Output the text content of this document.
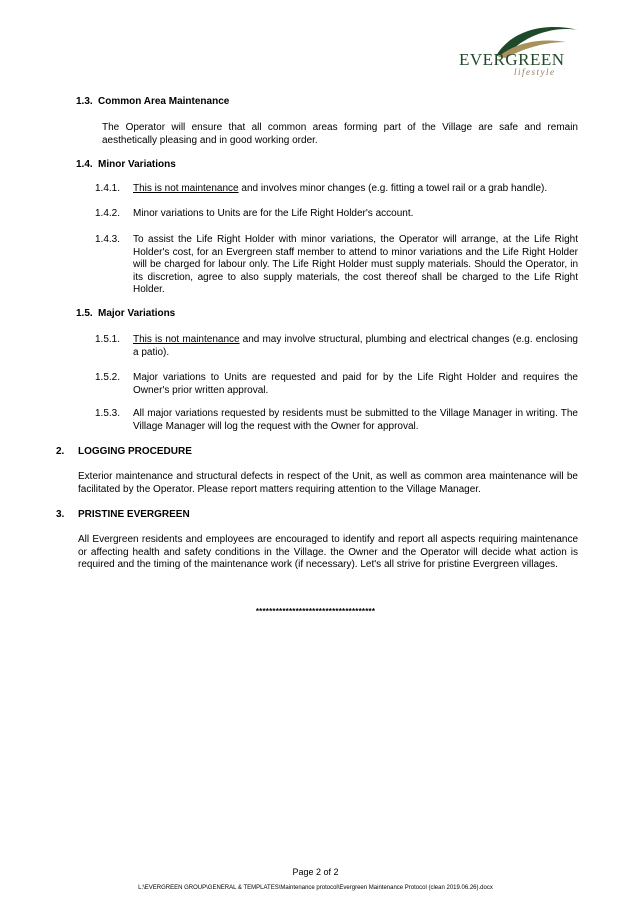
EVERGREEN
lifestyle
1.3. Common Area Maintenance
The Operator will ensure that all common areas forming part of the Village are safe and remain aesthetically pleasing and in good working order.
1.4. Minor Variations
1.4.1. This is not maintenance and involves minor changes (e.g. fitting a towel rail or a grab handle).
1.4.2. Minor variations to Units are for the Life Right Holder's account.
1.4.3. To assist the Life Right Holder with minor variations, the Operator will arrange, at the Life Right Holder's cost, for an Evergreen staff member to attend to minor variations and the Life Right Holder will be charged for labour only. The Life Right Holder must supply materials. Should the Operator, in its discretion, agree to also supply materials, the cost thereof shall be charged to the Life Right Holder.
1.5. Major Variations
1.5.1. This is not maintenance and may involve structural, plumbing and electrical changes (e.g. enclosing a patio).
1.5.2. Major variations to Units are requested and paid for by the Life Right Holder and requires the Owner's prior written approval.
1.5.3. All major variations requested by residents must be submitted to the Village Manager in writing. The Village Manager will log the request with the Owner for approval.
2. LOGGING PROCEDURE
Exterior maintenance and structural defects in respect of the Unit, as well as common area maintenance will be facilitated by the Operator. Please report matters requiring attention to the Village Manager.
3. PRISTINE EVERGREEN
All Evergreen residents and employees are encouraged to identify and report all aspects requiring maintenance or affecting health and safety conditions in the Village. the Owner and the Operator will decide what action is required and the timing of the maintenance work (if necessary). Let's all strive for pristine Evergreen villages.
************************************
Page 2 of 2
L:\EVERGREEN GROUP\GENERAL & TEMPLATES\Maintenance protocol\Evergreen Maintenance Protocol (clean 2019.06.26).docx
